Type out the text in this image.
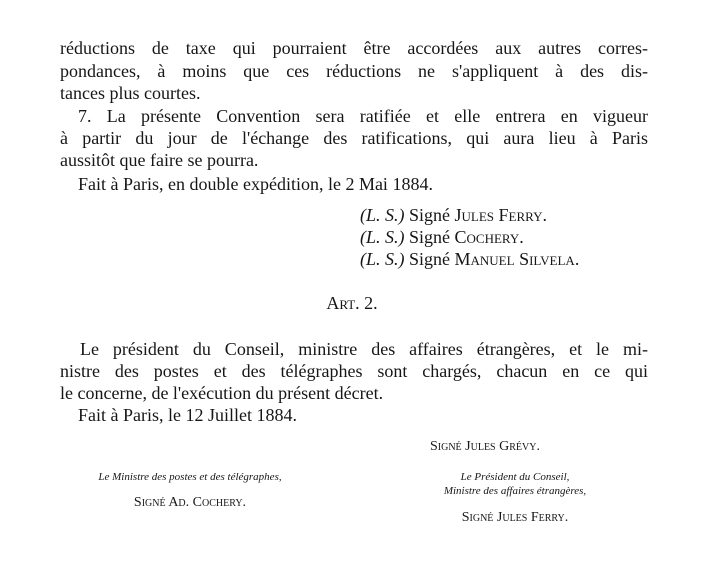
réductions de taxe qui pourraient être accordées aux autres corres-
pondances, à moins que ces réductions ne s'appliquent à des dis-
tances plus courtes.
7. La présente Convention sera ratifiée et elle entrera en vigueur
à partir du jour de l'échange des ratifications, qui aura lieu à Paris
aussitôt que faire se pourra.
Fait à Paris, en double expédition, le 2 Mai 1884.
(L. S.) Signé Jules Ferry.
(L. S.) Signé Cochery.
(L. S.) Signé Manuel Silvela.
Art. 2.
Le président du Conseil, ministre des affaires étrangères, et le mi-
nistre des postes et des télégraphes sont chargés, chacun en ce qui
le concerne, de l'exécution du présent décret.
Fait à Paris, le 12 Juillet 1884.
Signé Jules Grévy.
Le Ministre des postes et des télégraphes,
Signé Ad. Cochery.
Le Président du Conseil,
Ministre des affaires étrangères,
Signé Jules Ferry.
